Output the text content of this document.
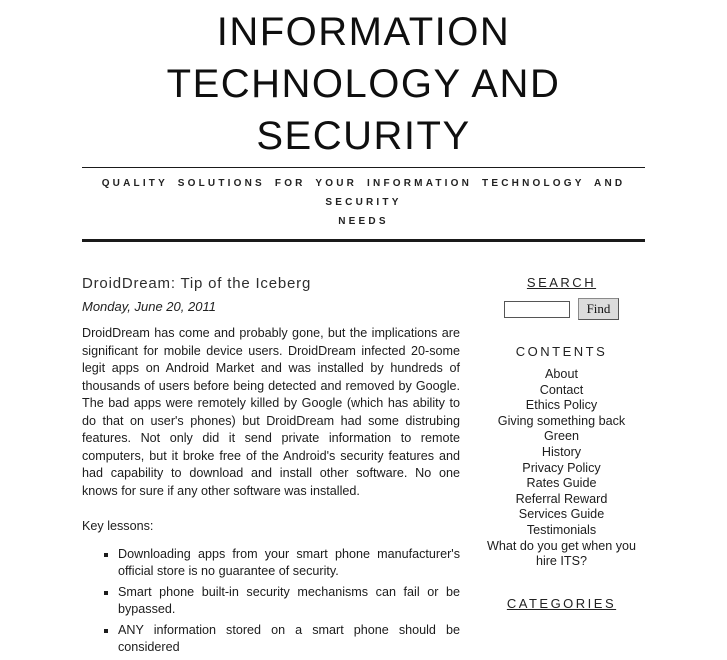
INFORMATION
TECHNOLOGY AND
SECURITY
QUALITY SOLUTIONS FOR YOUR INFORMATION TECHNOLOGY AND SECURITY
NEEDS
DroidDream: Tip of the Iceberg
Monday, June 20, 2011

DroidDream has come and probably gone, but the implications are significant for mobile device users. DroidDream infected 20-some legit apps on Android Market and was installed by hundreds of thousands of users before being detected and removed by Google. The bad apps were remotely killed by Google (which has ability to do that on user's phones) but DroidDream had some distrubing features. Not only did it send private information to remote computers, but it broke free of the Android's security features and had capability to download and install other software. No one knows for sure if any other software was installed.

Key lessons:

▪ Downloading apps from your smart phone manufacturer's official store is no guarantee of security.
▪ Smart phone built-in security mechanisms can fail or be bypassed.
▪ ANY information stored on a smart phone should be considered
SEARCH
Find
CONTENTS
About
Contact
Ethics Policy
Giving something back
Green
History
Privacy Policy
Rates Guide
Referral Reward
Services Guide
Testimonials
What do you get when you hire ITS?
CATEGORIES
